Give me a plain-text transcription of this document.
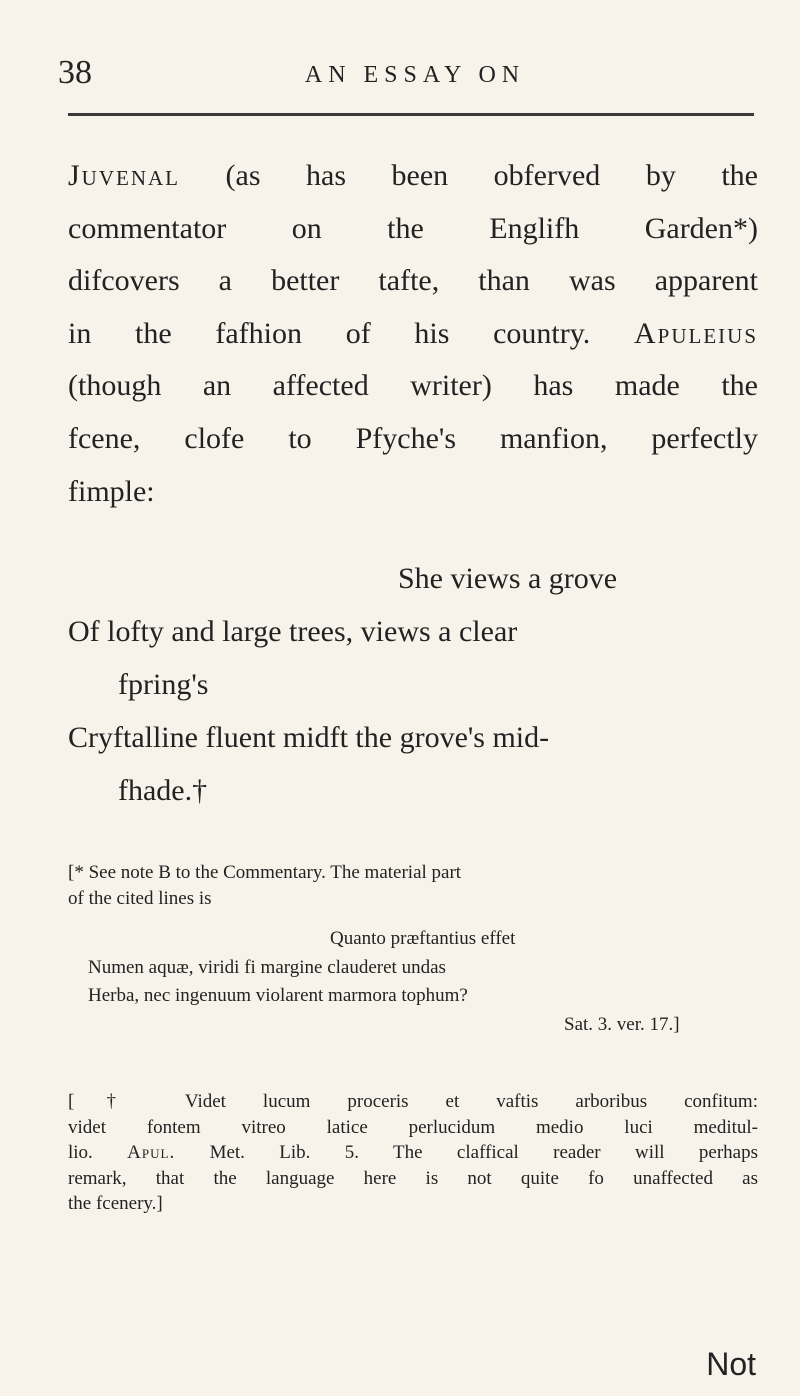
38	AN ESSAY ON
Juvenal (as has been obferved by the
commentator on the Englifh Garden*)
difcovers a better tafte, than was apparent
in the fafhion of his country. Apuleius
(though an affected writer) has made the
fcene, clofe to Pfyche's manfion, perfectly
fimple:
She views a grove
Of lofty and large trees, views a clear
fpring's
Cryftalline fluent midft the grove's mid-
fhade.†
[* See note B to the Commentary. The material part
of the cited lines is
Quanto præftantius effet
Numen aquæ, viridi fi margine clauderet undas
Herba, nec ingenuum violarent marmora tophum?
Sat. 3. ver. 17.]
[† Videt lucum proceris et vaftis arboribus confitum:
videt fontem vitreo latice perlucidum medio luci meditul-
lio. Apul. Met. Lib. 5. The claffical reader will perhaps
remark, that the language here is not quite fo unaffected as
the fcenery.]
Not
